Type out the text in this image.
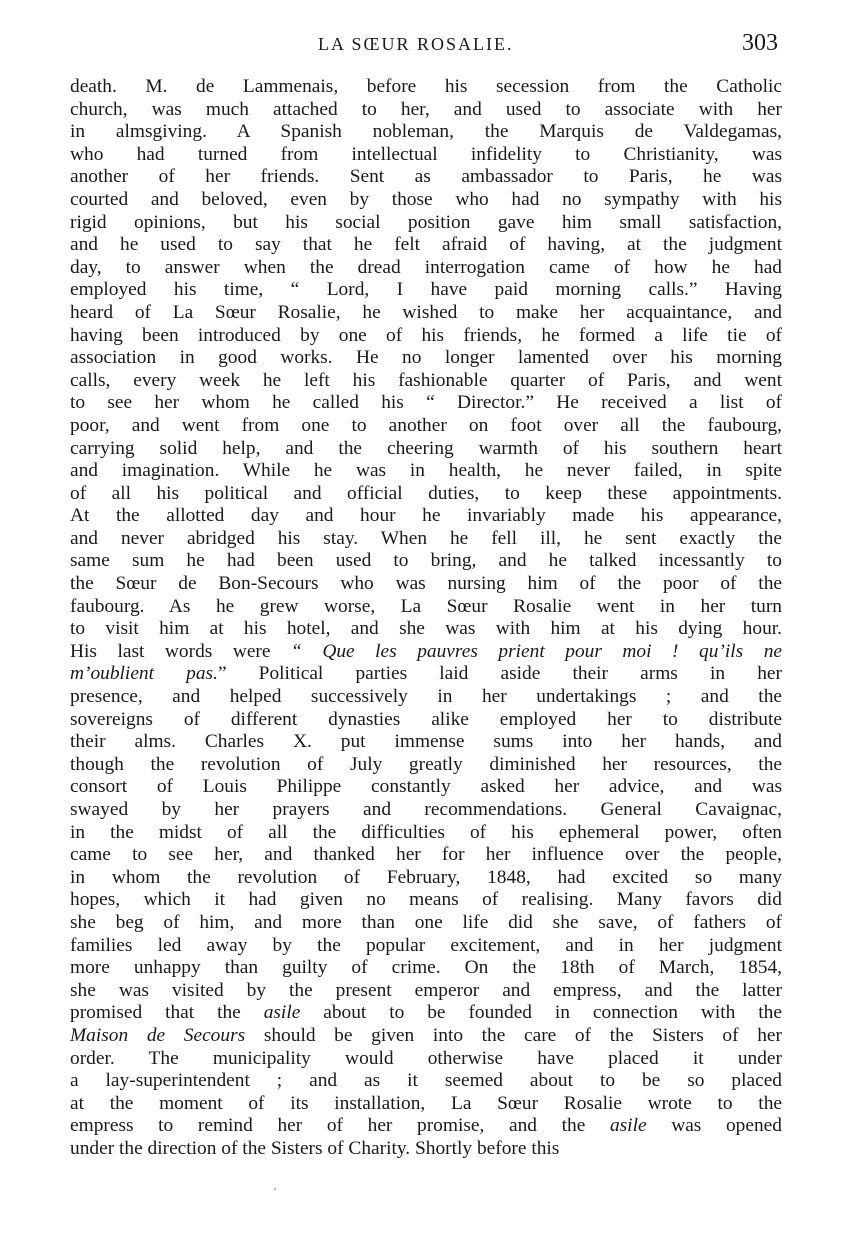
LA SŒUR ROSALIE.	303
death. M. de Lammenais, before his secession from the Catholic
church, was much attached to her, and used to associate with her
in almsgiving. A Spanish nobleman, the Marquis de Valdegamas,
who had turned from intellectual infidelity to Christianity, was
another of her friends. Sent as ambassador to Paris, he was
courted and beloved, even by those who had no sympathy with his
rigid opinions, but his social position gave him small satisfaction,
and he used to say that he felt afraid of having, at the judgment
day, to answer when the dread interrogation came of how he had
employed his time, “ Lord, I have paid morning calls.” Having
heard of La Sœur Rosalie, he wished to make her acquaintance, and
having been introduced by one of his friends, he formed a life tie of
association in good works. He no longer lamented over his morning
calls, every week he left his fashionable quarter of Paris, and went
to see her whom he called his “ Director.” He received a list of
poor, and went from one to another on foot over all the faubourg,
carrying solid help, and the cheering warmth of his southern heart
and imagination. While he was in health, he never failed, in spite
of all his political and official duties, to keep these appointments.
At the allotted day and hour he invariably made his appearance,
and never abridged his stay. When he fell ill, he sent exactly the
same sum he had been used to bring, and he talked incessantly to
the Sœur de Bon-Secours who was nursing him of the poor of the
faubourg. As he grew worse, La Sœur Rosalie went in her turn
to visit him at his hotel, and she was with him at his dying hour.
His last words were “ Que les pauvres prient pour moi ! qu’ils ne
m’oublient pas.” Political parties laid aside their arms in her
presence, and helped successively in her undertakings ; and the
sovereigns of different dynasties alike employed her to distribute
their alms. Charles X. put immense sums into her hands, and
though the revolution of July greatly diminished her resources, the
consort of Louis Philippe constantly asked her advice, and was
swayed by her prayers and recommendations. General Cavaignac,
in the midst of all the difficulties of his ephemeral power, often
came to see her, and thanked her for her influence over the people,
in whom the revolution of February, 1848, had excited so many
hopes, which it had given no means of realising. Many favors did
she beg of him, and more than one life did she save, of fathers of
families led away by the popular excitement, and in her judgment
more unhappy than guilty of crime. On the 18th of March, 1854,
she was visited by the present emperor and empress, and the latter
promised that the asile about to be founded in connection with the
Maison de Secours should be given into the care of the Sisters of her
order. The municipality would otherwise have placed it under
a lay-superintendent ; and as it seemed about to be so placed
at the moment of its installation, La Sœur Rosalie wrote to the
empress to remind her of her promise, and the asile was opened
under the direction of the Sisters of Charity. Shortly before this
